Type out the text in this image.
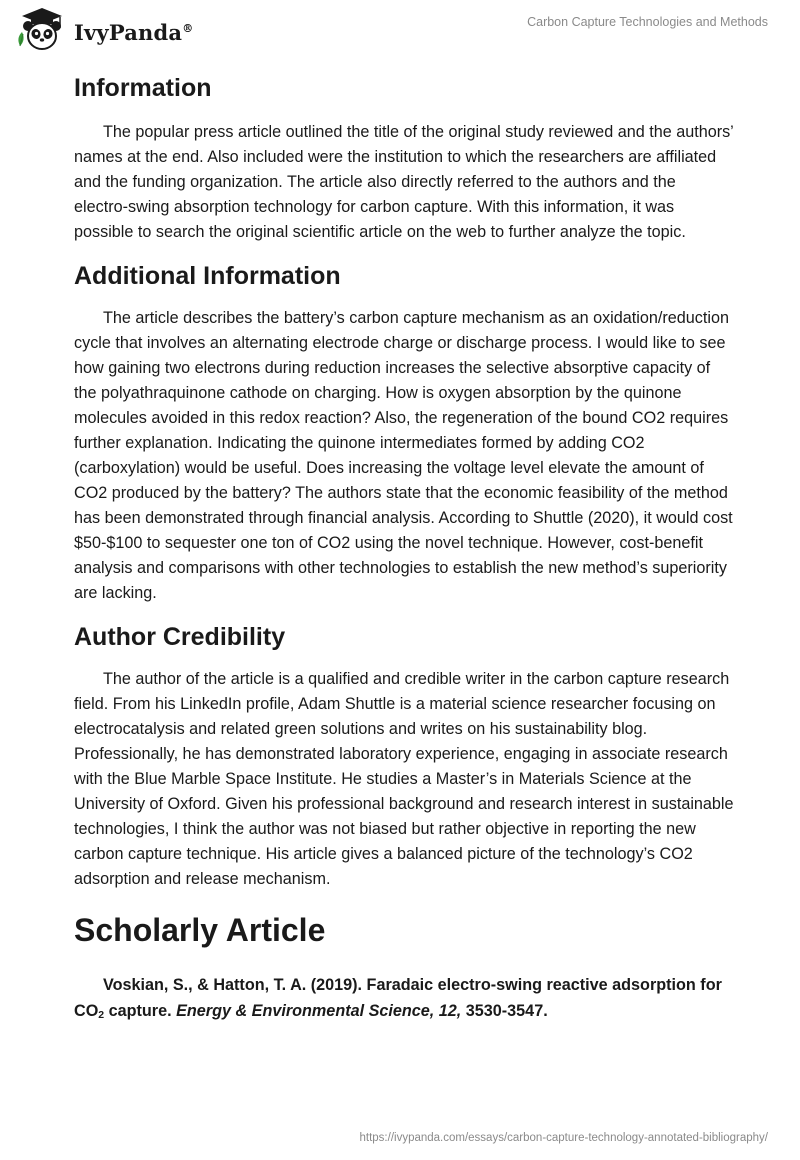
IvyPanda®	Carbon Capture Technologies and Methods
Information

The popular press article outlined the title of the original study reviewed and the authors’ names at the end. Also included were the institution to which the researchers are affiliated and the funding organization. The article also directly referred to the authors and the electro-swing absorption technology for carbon capture. With this information, it was possible to search the original scientific article on the web to further analyze the topic.

Additional Information

The article describes the battery’s carbon capture mechanism as an oxidation/reduction cycle that involves an alternating electrode charge or discharge process. I would like to see how gaining two electrons during reduction increases the selective absorptive capacity of the polyathraquinone cathode on charging. How is oxygen absorption by the quinone molecules avoided in this redox reaction? Also, the regeneration of the bound CO2 requires further explanation. Indicating the quinone intermediates formed by adding CO2 (carboxylation) would be useful. Does increasing the voltage level elevate the amount of CO2 produced by the battery? The authors state that the economic feasibility of the method has been demonstrated through financial analysis. According to Shuttle (2020), it would cost $50-$100 to sequester one ton of CO2 using the novel technique. However, cost-benefit analysis and comparisons with other technologies to establish the new method’s superiority are lacking.

Author Credibility

The author of the article is a qualified and credible writer in the carbon capture research field. From his LinkedIn profile, Adam Shuttle is a material science researcher focusing on electrocatalysis and related green solutions and writes on his sustainability blog. Professionally, he has demonstrated laboratory experience, engaging in associate research with the Blue Marble Space Institute. He studies a Master’s in Materials Science at the University of Oxford. Given his professional background and research interest in sustainable technologies, I think the author was not biased but rather objective in reporting the new carbon capture technique. His article gives a balanced picture of the technology’s CO2 adsorption and release mechanism.

Scholarly Article
Voskian, S., & Hatton, T. A. (2019). Faradaic electro-swing reactive adsorption for CO2 capture. Energy & Environmental Science, 12, 3530-3547.
https://ivypanda.com/essays/carbon-capture-technology-annotated-bibliography/
